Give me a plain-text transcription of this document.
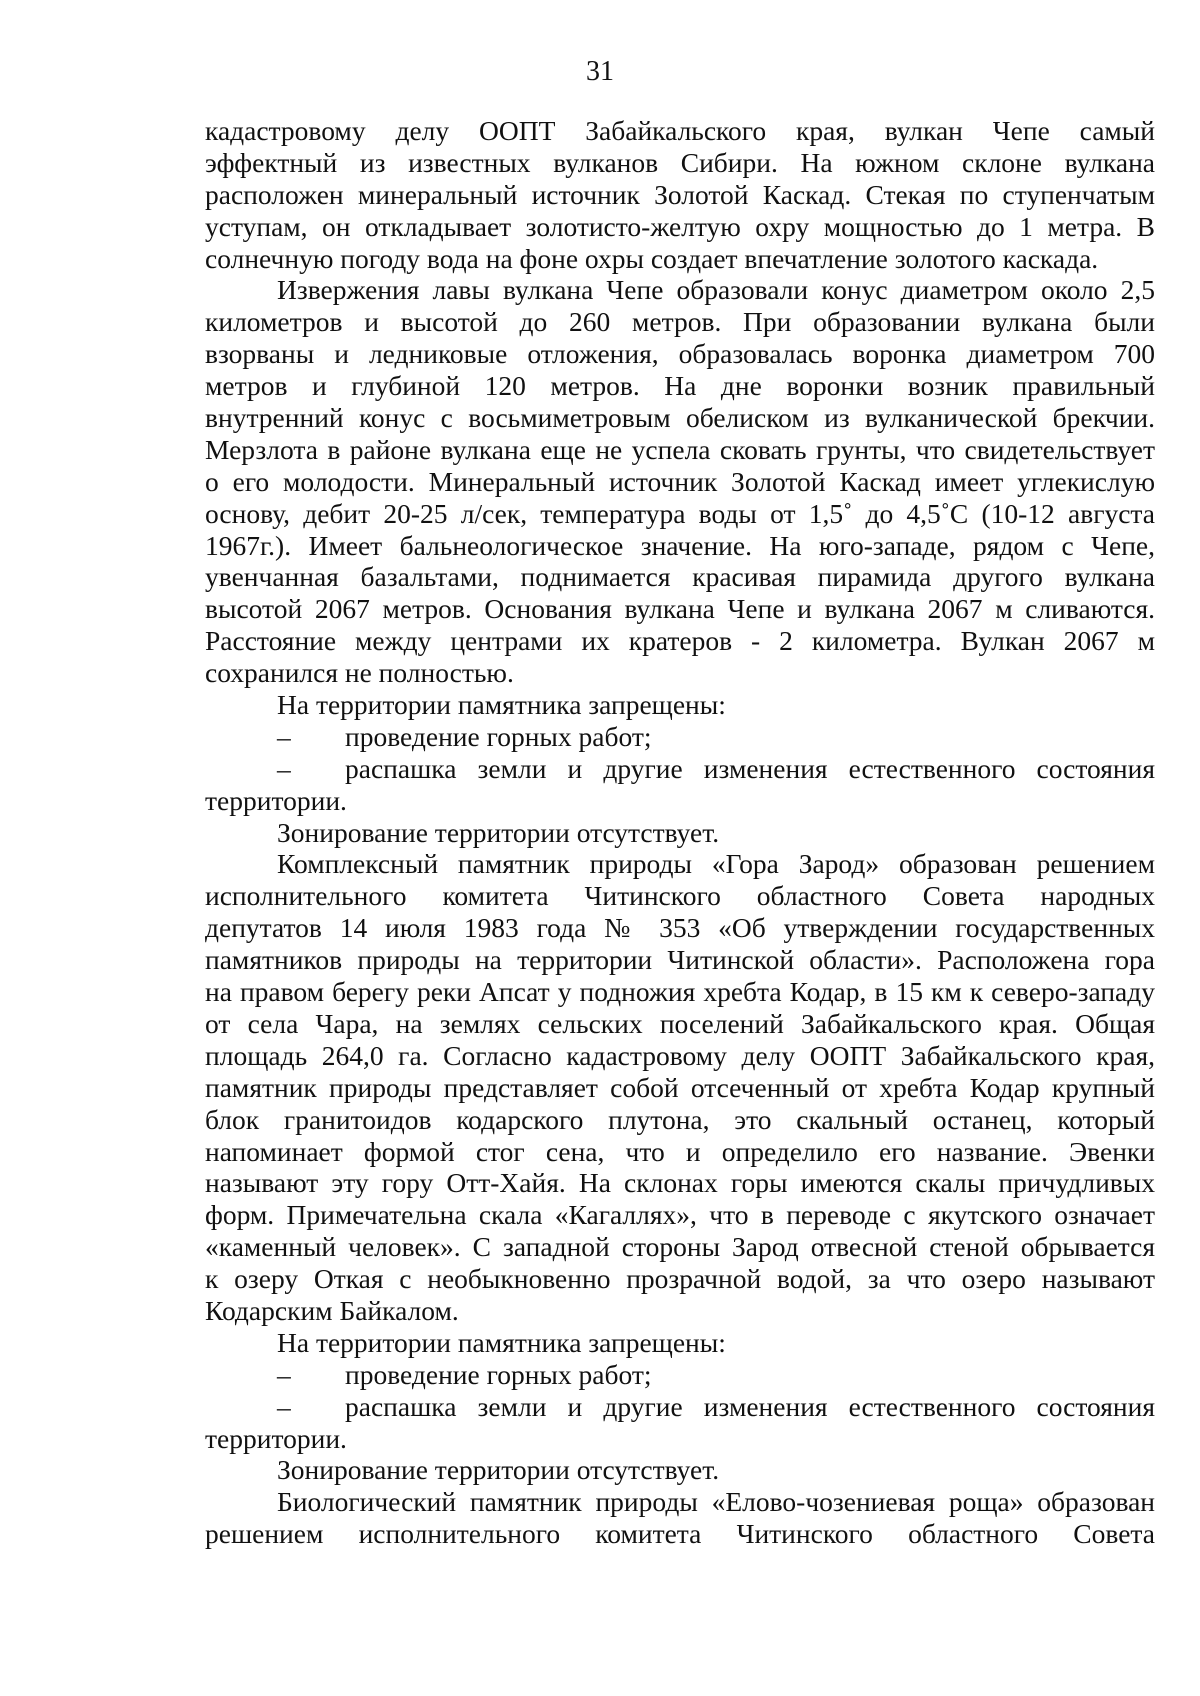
31
кадастровому делу ООПТ Забайкальского края, вулкан Чепе самый
эффектный из известных вулканов Сибири. На южном склоне вулкана
расположен минеральный источник Золотой Каскад. Стекая по ступенчатым
уступам, он откладывает золотисто-желтую охру мощностью до 1 метра. В
солнечную погоду вода на фоне охры создает впечатление золотого каскада.
Извержения лавы вулкана Чепе образовали конус диаметром около 2,5
километров и высотой до 260 метров. При образовании вулкана были
взорваны и ледниковые отложения, образовалась воронка диаметром 700
метров и глубиной 120 метров. На дне воронки возник правильный
внутренний конус с восьмиметровым обелиском из вулканической брекчии.
Мерзлота в районе вулкана еще не успела сковать грунты, что свидетельствует
о его молодости. Минеральный источник Золотой Каскад имеет углекислую
основу, дебит 20-25 л/сек, температура воды от 1,5˚ до 4,5˚С (10-12 августа
1967г.). Имеет бальнеологическое значение. На юго-западе, рядом с Чепе,
увенчанная базальтами, поднимается красивая пирамида другого вулкана
высотой 2067 метров. Основания вулкана Чепе и вулкана 2067 м сливаются.
Расстояние между центрами их кратеров - 2 километра. Вулкан 2067 м
сохранился не полностью.
На территории памятника запрещены:
– проведение горных работ;
– распашка земли и другие изменения естественного состояния
территории.
Зонирование территории отсутствует.
Комплексный памятник природы «Гора Зарод» образован решением
исполнительного комитета Читинского областного Совета народных
депутатов 14 июля 1983 года № 353 «Об утверждении государственных
памятников природы на территории Читинской области». Расположена гора
на правом берегу реки Апсат у подножия хребта Кодар, в 15 км к северо-западу
от села Чара, на землях сельских поселений Забайкальского края. Общая
площадь 264,0 га. Согласно кадастровому делу ООПТ Забайкальского края,
памятник природы представляет собой отсеченный от хребта Кодар крупный
блок гранитоидов кодарского плутона, это скальный останец, который
напоминает формой стог сена, что и определило его название. Эвенки
называют эту гору Отт-Хайя. На склонах горы имеются скалы причудливых
форм. Примечательна скала «Кагаллях», что в переводе с якутского означает
«каменный человек». С западной стороны Зарод отвесной стеной обрывается
к озеру Откая с необыкновенно прозрачной водой, за что озеро называют
Кодарским Байкалом.
На территории памятника запрещены:
– проведение горных работ;
– распашка земли и другие изменения естественного состояния
территории.
Зонирование территории отсутствует.
Биологический памятник природы «Елово-чозениевая роща» образован
решением исполнительного комитета Читинского областного Совета
